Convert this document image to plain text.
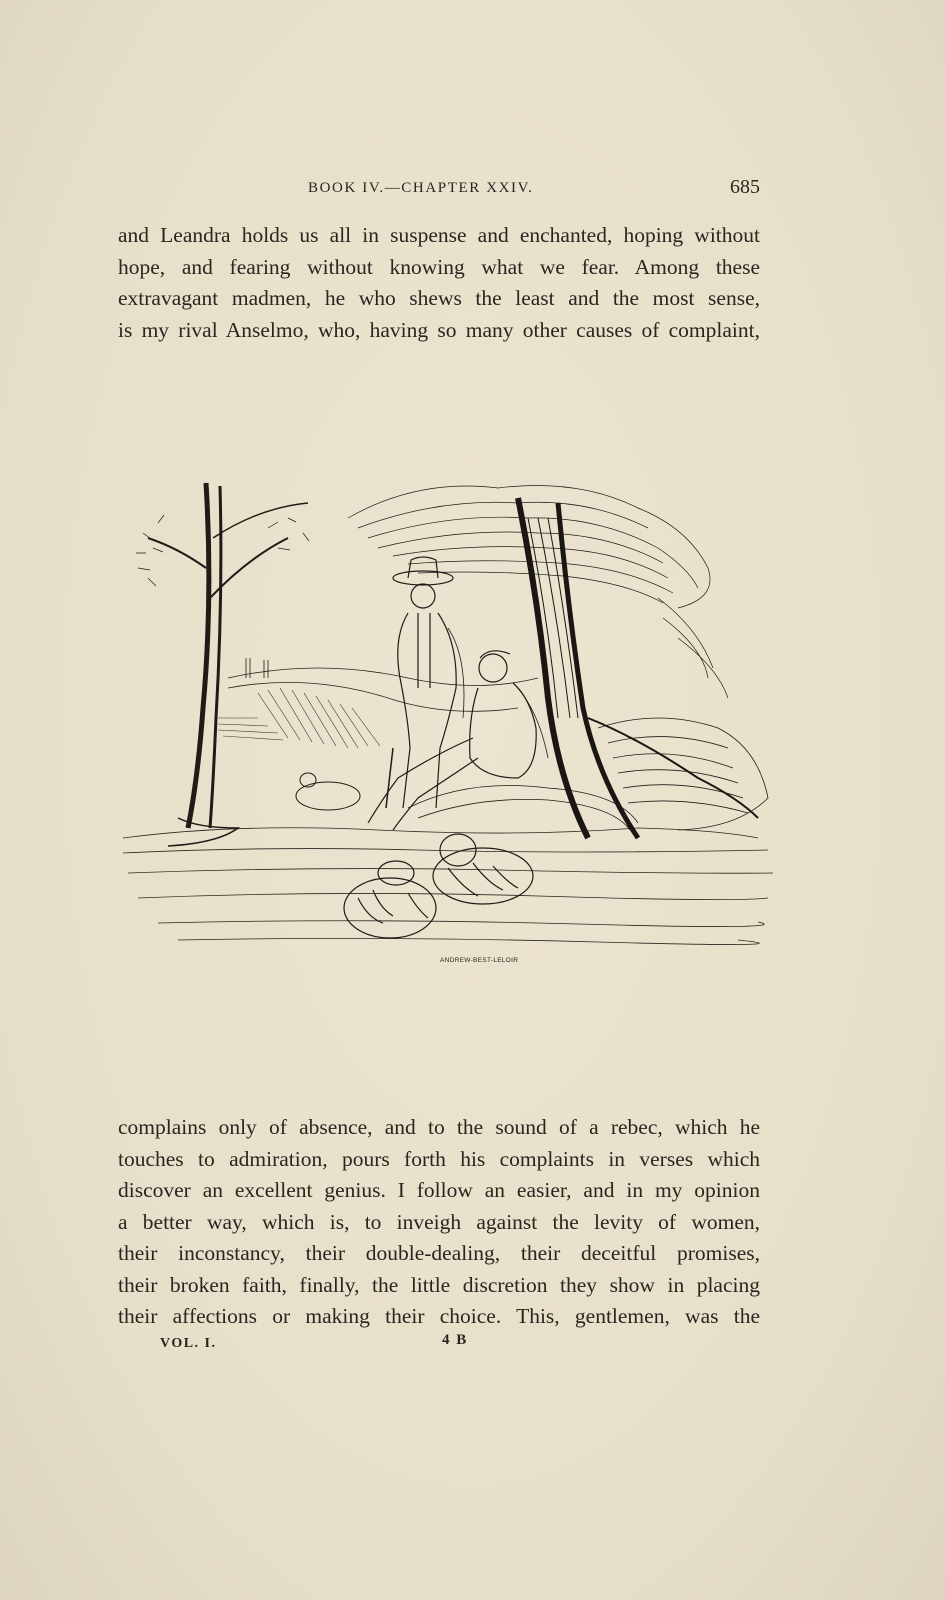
BOOK IV.—CHAPTER XXIV.	685
and Leandra holds us all in suspense and enchanted, hoping without
hope, and fearing without knowing what we fear. Among these
extravagant madmen, he who shews the least and the most sense,
is my rival Anselmo, who, having so many other causes of complaint,
ANDREW-BEST-LELOIR
complains only of absence, and to the sound of a rebec, which he
touches to admiration, pours forth his complaints in verses which
discover an excellent genius. I follow an easier, and in my opinion
a better way, which is, to inveigh against the levity of women,
their inconstancy, their double-dealing, their deceitful promises,
their broken faith, finally, the little discretion they show in placing
their affections or making their choice. This, gentlemen, was the
VOL. I.	4 B
